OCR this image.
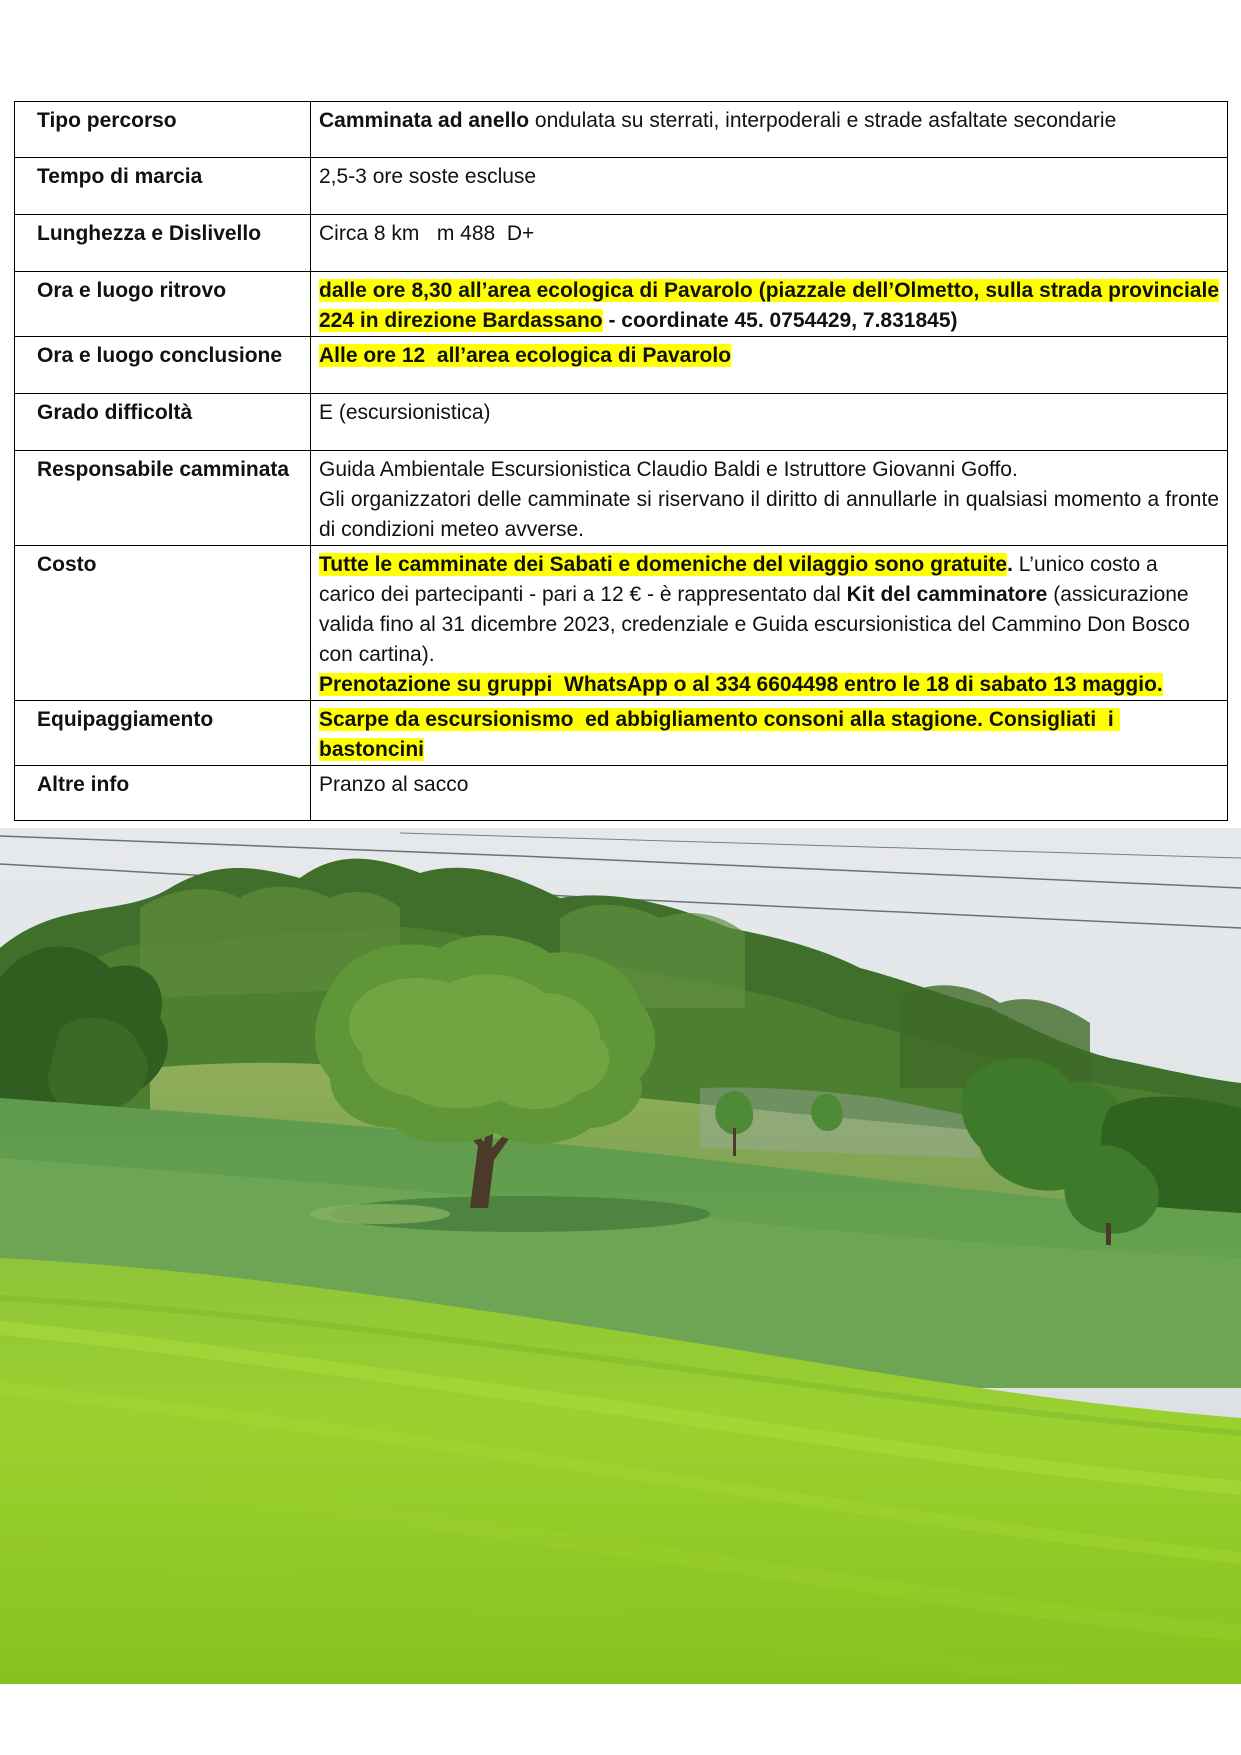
Tipo percorso	Camminata ad anello ondulata su sterrati, interpoderali e strade asfaltate secondarie
Tempo di marcia	2,5-3 ore soste escluse
Lunghezza e Dislivello	Circa 8 km   m 488  D+
Ora e luogo ritrovo	dalle ore 8,30 all’area ecologica di Pavarolo (piazzale dell’Olmetto, sulla strada provinciale 224 in direzione Bardassano - coordinate 45. 0754429, 7.831845)
Ora e luogo conclusione	Alle ore 12  all’area ecologica di Pavarolo
Grado difficoltà	E (escursionistica)
Responsabile camminata	Guida Ambientale Escursionistica Claudio Baldi e Istruttore Giovanni Goffo.
Gli organizzatori delle camminate si riservano il diritto di annullarle in qualsiasi momento a fronte di condizioni meteo avverse.

Costo	Tutte le camminate dei Sabati e domeniche del vilaggio sono gratuite. L’unico costo a carico dei partecipanti - pari a 12 € - è rappresentato dal Kit del camminatore (assicurazione valida fino al 31 dicembre 2023, credenziale e Guida escursionistica del Cammino Don Bosco con cartina).
Prenotazione su gruppi  WhatsApp o al 334 6604498 entro le 18 di sabato 13 maggio.

Equipaggiamento	Scarpe da escursionismo  ed abbigliamento consoni alla stagione. Consigliati  i bastoncini
Altre info	Pranzo al sacco
